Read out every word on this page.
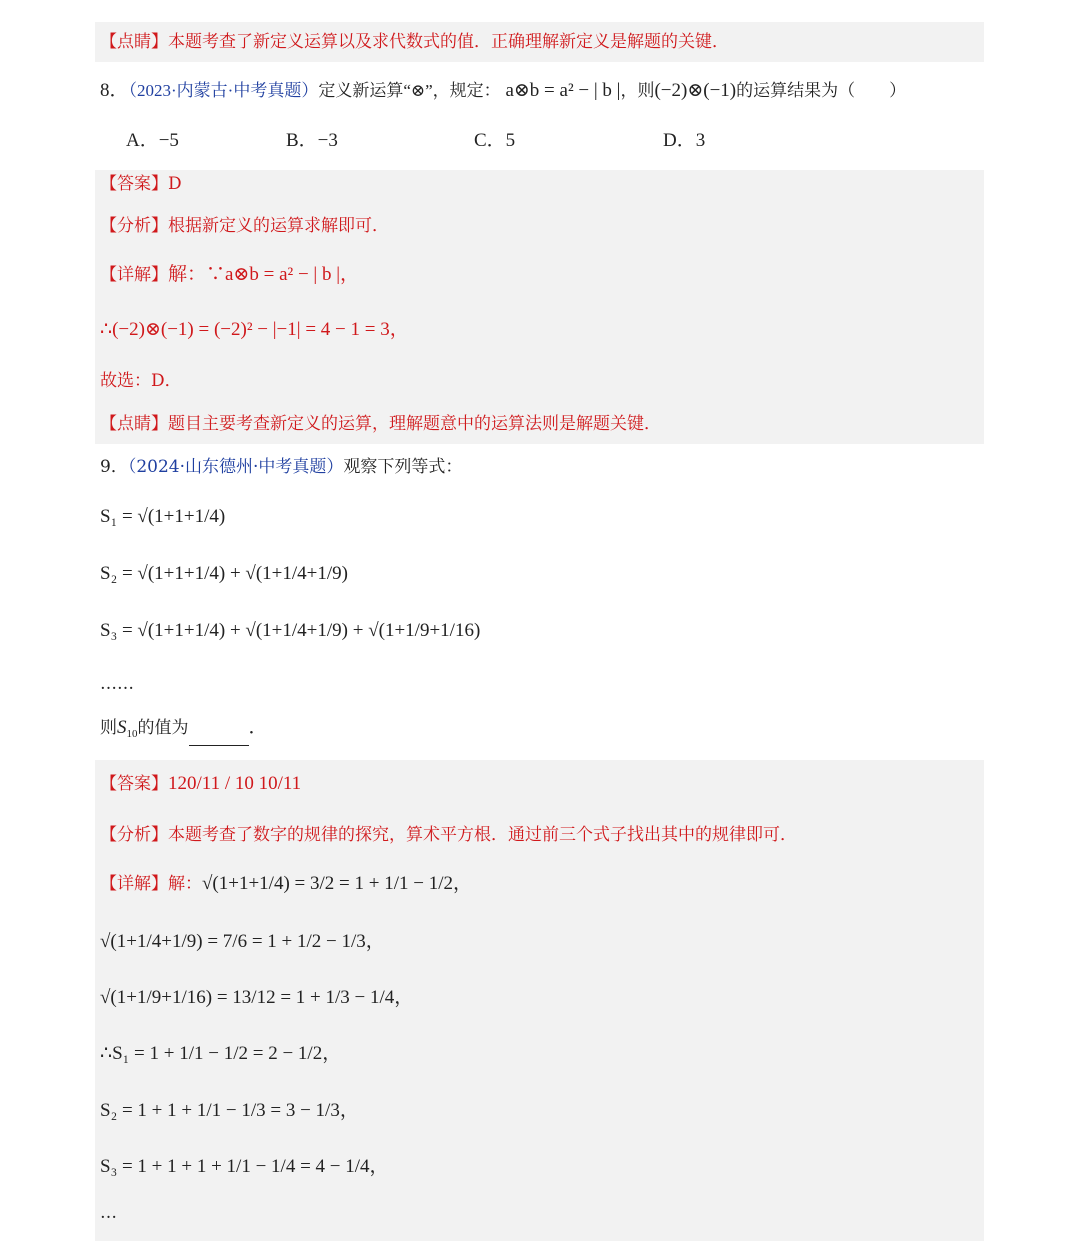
【点睛】本题考查了新定义运算以及求代数式的值．正确理解新定义是解题的关键．
8．（2023·内蒙古·中考真题）定义新运算“⊗”，规定： a⊗b = a² − | b |，则(−2)⊗(−1)的运算结果为（　　）
A．−5	B．−3	C．5	D．3
【答案】D
【分析】根据新定义的运算求解即可．
【详解】解：∵a⊗b = a² − | b |，
∴(−2)⊗(−1) = (−2)² − |−1| = 4 − 1 = 3，
故选：D．
【点睛】题目主要考查新定义的运算，理解题意中的运算法则是解题关键．
9．（2024·山东德州·中考真题）观察下列等式：
S₁ = √(1+1+1/4)
S₂ = √(1+1+1/4) + √(1+1/4+1/9)
S₃ = √(1+1+1/4) + √(1+1/4+1/9) + √(1+1/9+1/16)
……
则$S_{10}$的值为	．
【答案】120/11 / 10 10/11
【分析】本题考查了数字的规律的探究，算术平方根．通过前三个式子找出其中的规律即可．
【详解】解：√(1+1+1/4) = 3/2 = 1 + 1/1 − 1/2，
√(1+1/4+1/9) = 7/6 = 1 + 1/2 − 1/3，
√(1+1/9+1/16) = 13/12 = 1 + 1/3 − 1/4，
∴S₁ = 1 + 1/1 − 1/2 = 2 − 1/2，
S₂ = 1 + 1 + 1/1 − 1/3 = 3 − 1/3，
S₃ = 1 + 1 + 1 + 1/1 − 1/4 = 4 − 1/4，
…
